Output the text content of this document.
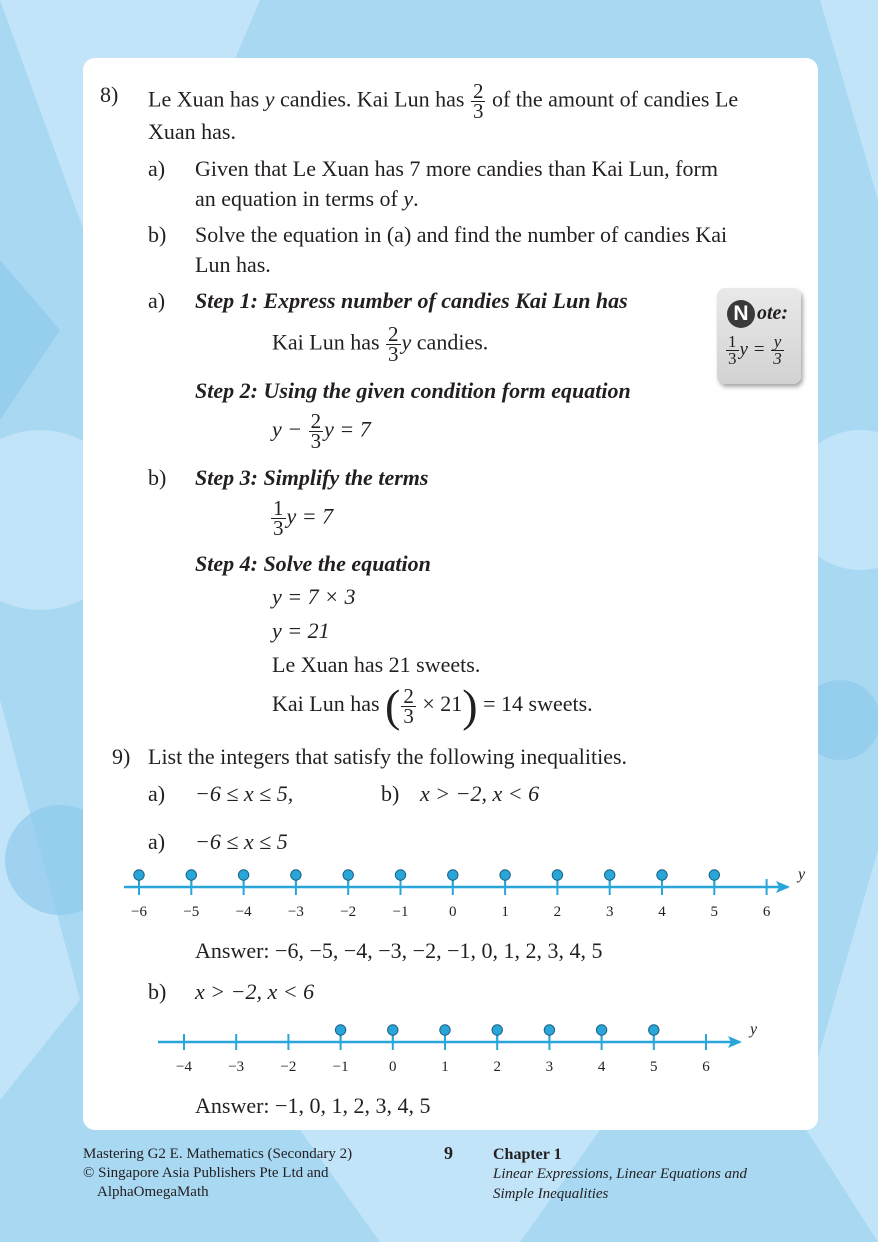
8) Le Xuan has y candies. Kai Lun has $\frac{2}{3}$ of the amount of candies Le
Xuan has.
a) Given that Le Xuan has 7 more candies than Kai Lun, form
an equation in terms of y.
b) Solve the equation in (a) and find the number of candies Kai
Lun has.
a) Step 1: Express number of candies Kai Lun has
Kai Lun has $\frac{2}{3}$ y candies.
Step 2: Using the given condition form equation
$y - \frac{2}{3}$ y = 7
b) Step 3: Simplify the terms
$\frac{1}{3}$ y = 7
Step 4: Solve the equation
y = 7 × 3
y = 21
Le Xuan has 21 sweets.
Kai Lun has ( $\frac{2}{3} \times 21) = 14$ sweets.
N ote:
$\frac{1}{3}$ $y = \frac{y}{3}$
9) List the integers that satisfy the following inequalities.
a) −6 ≤ x ≤ 5,	b) x > −2, x < 6
a) −6 ≤ x ≤ 5
y
−6 −5 −4 −3 −2 −1	0	1	2	3	4	5	6
Answer: −6, −5, −4, −3, −2, −1, 0, 1, 2, 3, 4, 5
b) x > −2, x < 6
y
−4 −3 −2 −1	0	1	2	3	4	5	6
Answer: −1, 0, 1, 2, 3, 4, 5
Mastering G2 E. Mathematics (Secondary 2)
© Singapore Asia Publishers Pte Ltd and
AlphaOmegaMath
9	Chapter 1
Linear Expressions, Linear Equations and
Simple Inequalities
